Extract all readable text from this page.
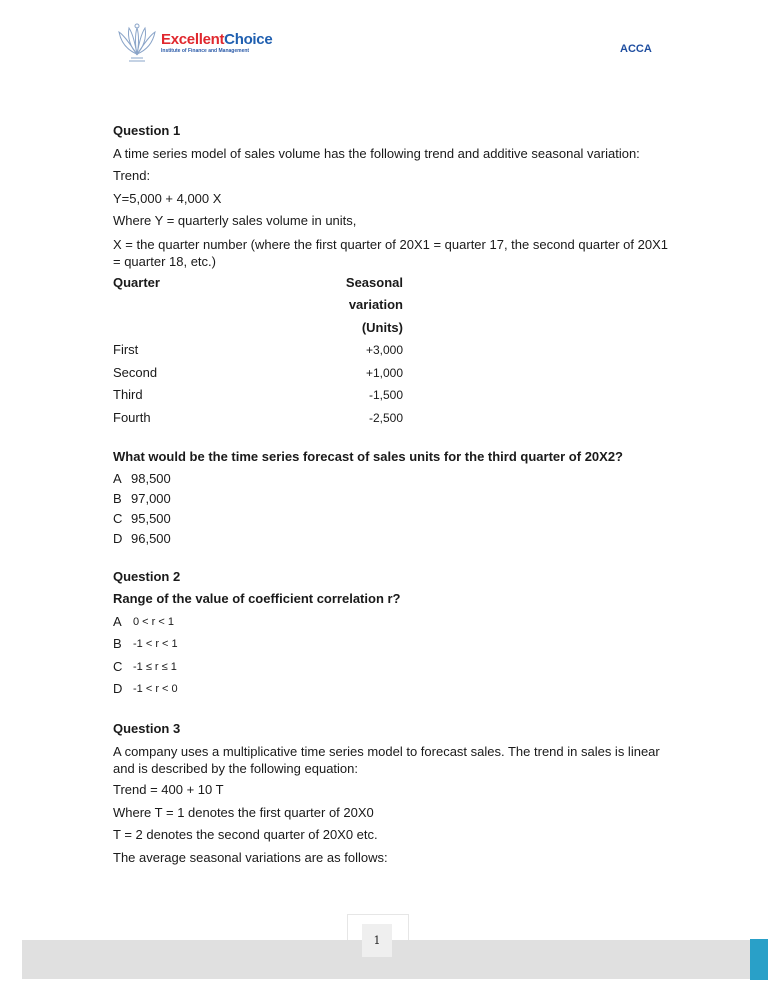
ExcellentChoice
Institute of Finance and Management	ACCA

Question 1

A time series model of sales volume has the following trend and additive seasonal variation:

Trend:

Y=5,000 + 4,000 X

Where Y = quarterly sales volume in units,

X = the quarter number (where the first quarter of 20X1 = quarter 17, the second quarter of 20X1 = quarter 18, etc.)

Quarter	Seasonal
variation
(Units)
First	+3,000
Second	+1,000
Third	-1,500
Fourth	-2,500

What would be the time series forecast of sales units for the third quarter of 20X2?

A 98,500
B 97,000
C 95,500
D 96,500

Question 2

Range of the value of coefficient correlation r?

A	0 < r < 1
B	-1 < r < 1
C -1 ≤ r ≤ 1
D -1 < r < 0

Question 3

A company uses a multiplicative time series model to forecast sales. The trend in sales is linear and is described by the following equation:

Trend = 400 + 10 T

Where T = 1 denotes the first quarter of 20X0

T = 2 denotes the second quarter of 20X0 etc.

The average seasonal variations are as follows:

1
